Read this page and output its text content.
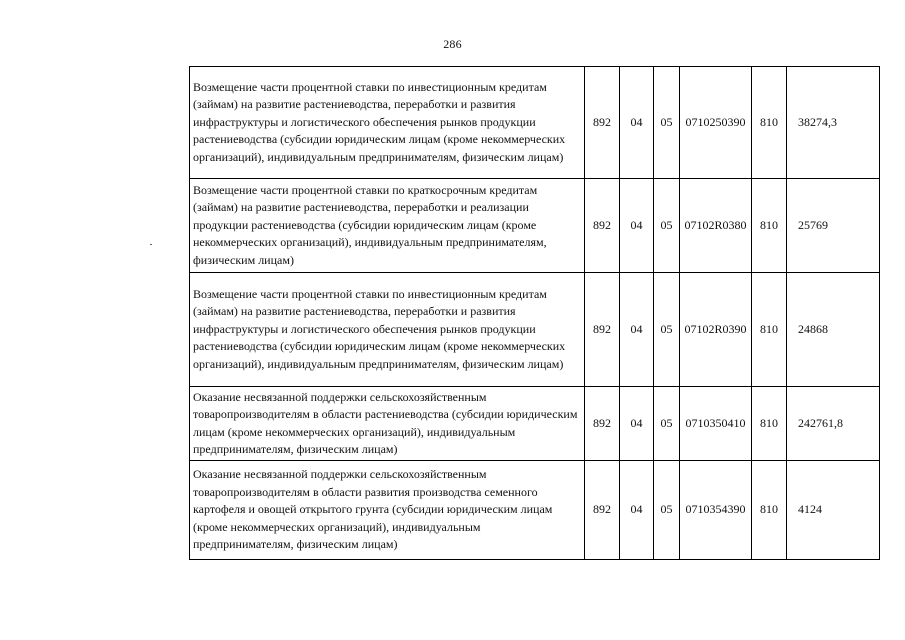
286
Возмещение части процентной ставки по инвестиционным кредитам (займам) на развитие растениеводства, переработки и развития инфраструктуры и логистического обеспечения рынков продукции растениеводства (субсидии юридическим лицам (кроме некоммерческих организаций), индивидуальным предпринимателям, физическим лицам)	892	04	05	0710250390	810	38274,3
Возмещение части процентной ставки по краткосрочным кредитам (займам) на развитие растениеводства, переработки и реализации продукции растениеводства (субсидии юридическим лицам (кроме некоммерческих организаций), индивидуальным предпринимателям, физическим лицам)	892	04	05	07102R0380	810	25769
Возмещение части процентной ставки по инвестиционным кредитам (займам) на развитие растениеводства, переработки и развития инфраструктуры и логистического обеспечения рынков продукции растениеводства (субсидии юридическим лицам (кроме некоммерческих организаций), индивидуальным предпринимателям, физическим лицам)	892	04	05	07102R0390	810	24868
Оказание несвязанной поддержки сельскохозяйственным товаропроизводителям в области растениеводства (субсидии юридическим лицам (кроме некоммерческих организаций), индивидуальным предпринимателям, физическим лицам)	892	04	05	0710350410	810	242761,8
Оказание несвязанной поддержки сельскохозяйственным товаропроизводителям в области развития производства семенного картофеля и овощей открытого грунта (субсидии юридическим лицам (кроме некоммерческих организаций), индивидуальным предпринимателям, физическим лицам)	892	04	05	0710354390	810	4124
